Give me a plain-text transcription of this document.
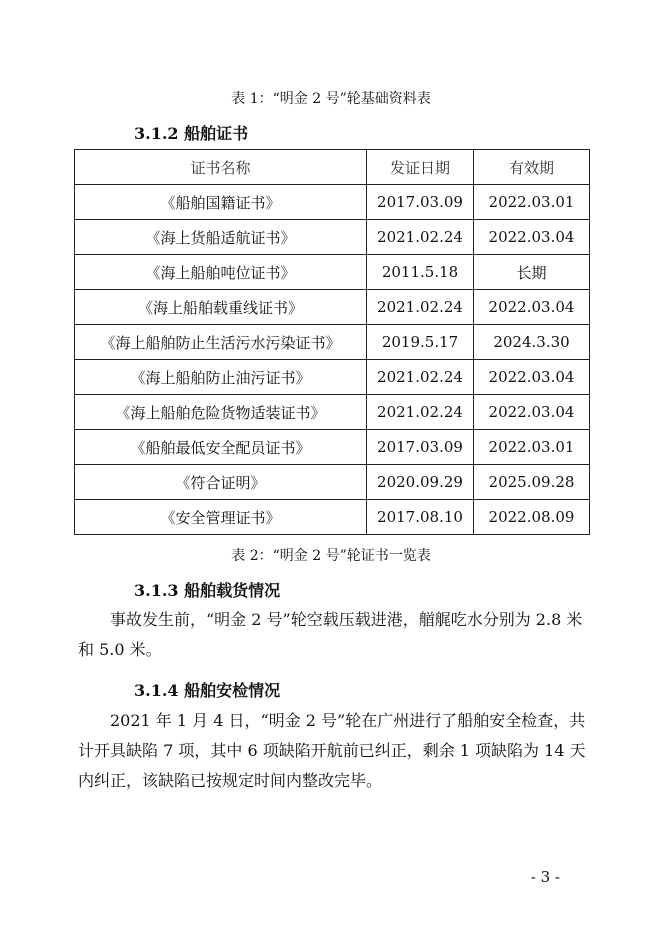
表 1：“明金 2 号”轮基础资料表
3.1.2 船舶证书
证书名称	发证日期	有效期
《船舶国籍证书》	2017.03.09	2022.03.01
《海上货船适航证书》	2021.02.24	2022.03.04
《海上船舶吨位证书》	2011.5.18	长期
《海上船舶载重线证书》	2021.02.24	2022.03.04
《海上船舶防止生活污水污染证书》	2019.5.17	2024.3.30
《海上船舶防止油污证书》	2021.02.24	2022.03.04
《海上船舶危险货物适装证书》	2021.02.24	2022.03.04
《船舶最低安全配员证书》	2017.03.09	2022.03.01
《符合证明》	2020.09.29	2025.09.28
《安全管理证书》	2017.08.10	2022.08.09
表 2：“明金 2 号”轮证书一览表
3.1.3 船舶载货情况
事故发生前，“明金 2 号”轮空载压载进港，艏艉吃水分别为 2.8 米和 5.0 米。
3.1.4 船舶安检情况
2021 年 1 月 4 日，“明金 2 号”轮在广州进行了船舶安全检查，共计开具缺陷 7 项，其中 6 项缺陷开航前已纠正，剩余 1 项缺陷为 14 天内纠正，该缺陷已按规定时间内整改完毕。
- 3 -
